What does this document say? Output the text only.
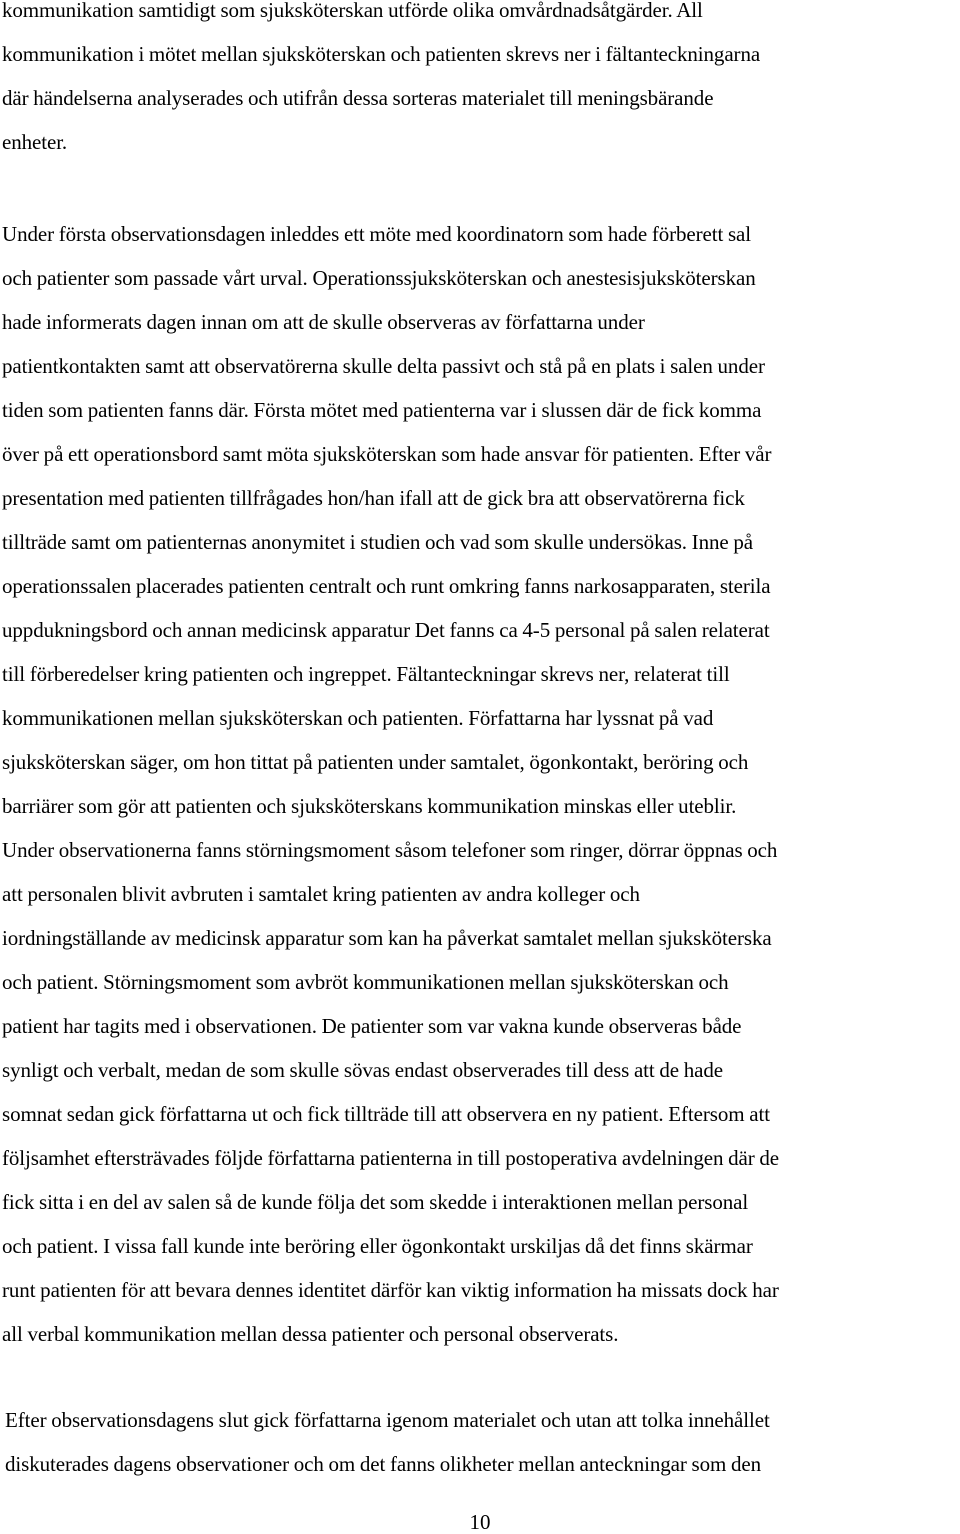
kommunikation samtidigt som sjuksköterskan utförde olika omvårdnadsåtgärder. All
kommunikation i mötet mellan sjuksköterskan och patienten skrevs ner i fältanteckningarna
där händelserna analyserades och utifrån dessa sorteras materialet till meningsbärande
enheter.

Under första observationsdagen inleddes ett möte med koordinatorn som hade förberett sal
och patienter som passade vårt urval. Operationssjuksköterskan och anestesisjuksköterskan
hade informerats dagen innan om att de skulle observeras av författarna under
patientkontakten samt att observatörerna skulle delta passivt och stå på en plats i salen under
tiden som patienten fanns där. Första mötet med patienterna var i slussen där de fick komma
över på ett operationsbord samt möta sjuksköterskan som hade ansvar för patienten. Efter vår
presentation med patienten tillfrågades hon/han ifall att de gick bra att observatörerna fick
tillträde samt om patienternas anonymitet i studien och vad som skulle undersökas. Inne på
operationssalen placerades patienten centralt och runt omkring fanns narkosapparaten, sterila
uppdukningsbord och annan medicinsk apparatur Det fanns ca 4-5 personal på salen relaterat
till förberedelser kring patienten och ingreppet. Fältanteckningar skrevs ner, relaterat till
kommunikationen mellan sjuksköterskan och patienten. Författarna har lyssnat på vad
sjuksköterskan säger, om hon tittat på patienten under samtalet, ögonkontakt, beröring och
barriärer som gör att patienten och sjuksköterskans kommunikation minskas eller uteblir.
Under observationerna fanns störningsmoment såsom telefoner som ringer, dörrar öppnas och
att personalen blivit avbruten i samtalet kring patienten av andra kolleger och
iordningställande av medicinsk apparatur som kan ha påverkat samtalet mellan sjuksköterska
och patient. Störningsmoment som avbröt kommunikationen mellan sjuksköterskan och
patient har tagits med i observationen. De patienter som var vakna kunde observeras både
synligt och verbalt, medan de som skulle sövas endast observerades till dess att de hade
somnat sedan gick författarna ut och fick tillträde till att observera en ny patient. Eftersom att
följsamhet eftersträvades följde författarna patienterna in till postoperativa avdelningen där de
fick sitta i en del av salen så de kunde följa det som skedde i interaktionen mellan personal
och patient. I vissa fall kunde inte beröring eller ögonkontakt urskiljas då det finns skärmar
runt patienten för att bevara dennes identitet därför kan viktig information ha missats dock har
all verbal kommunikation mellan dessa patienter och personal observerats.

Efter observationsdagens slut gick författarna igenom materialet och utan att tolka innehållet
diskuterades dagens observationer och om det fanns olikheter mellan anteckningar som den

10
